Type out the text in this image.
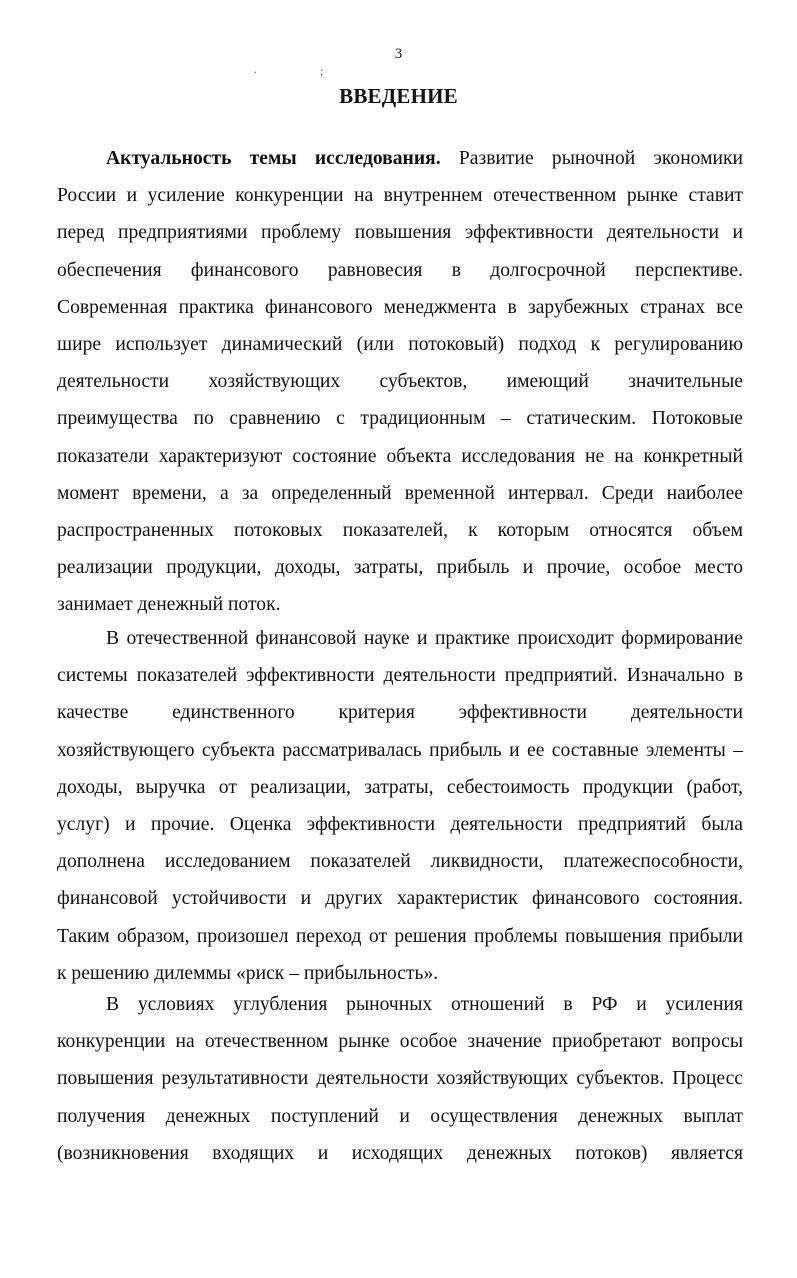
3
.	;
ВВЕДЕНИЕ
Актуальность темы исследования. Развитие рыночной экономики
России и усиление конкуренции на внутреннем отечественном рынке ставит
перед предприятиями проблему повышения эффективности деятельности и
обеспечения финансового равновесия в долгосрочной перспективе.
Современная практика финансового менеджмента в зарубежных странах все
шире использует динамический (или потоковый) подход к регулированию
деятельности хозяйствующих субъектов, имеющий значительные
преимущества по сравнению с традиционным – статическим. Потоковые
показатели характеризуют состояние объекта исследования не на конкретный
момент времени, а за определенный временной интервал. Среди наиболее
распространенных потоковых показателей, к которым относятся объем
реализации продукции, доходы, затраты, прибыль и прочие, особое место
занимает денежный поток.
В отечественной финансовой науке и практике происходит формирование
системы показателей эффективности деятельности предприятий. Изначально в
качестве единственного критерия эффективности деятельности
хозяйствующего субъекта рассматривалась прибыль и ее составные элементы –
доходы, выручка от реализации, затраты, себестоимость продукции (работ,
услуг) и прочие. Оценка эффективности деятельности предприятий была
дополнена исследованием показателей ликвидности, платежеспособности,
финансовой устойчивости и других характеристик финансового состояния.
Таким образом, произошел переход от решения проблемы повышения прибыли
к решению дилеммы «риск – прибыльность».
В условиях углубления рыночных отношений в РФ и усиления
конкуренции на отечественном рынке особое значение приобретают вопросы
повышения результативности деятельности хозяйствующих субъектов. Процесс
получения денежных поступлений и осуществления денежных выплат
(возникновения входящих и исходящих денежных потоков) является
